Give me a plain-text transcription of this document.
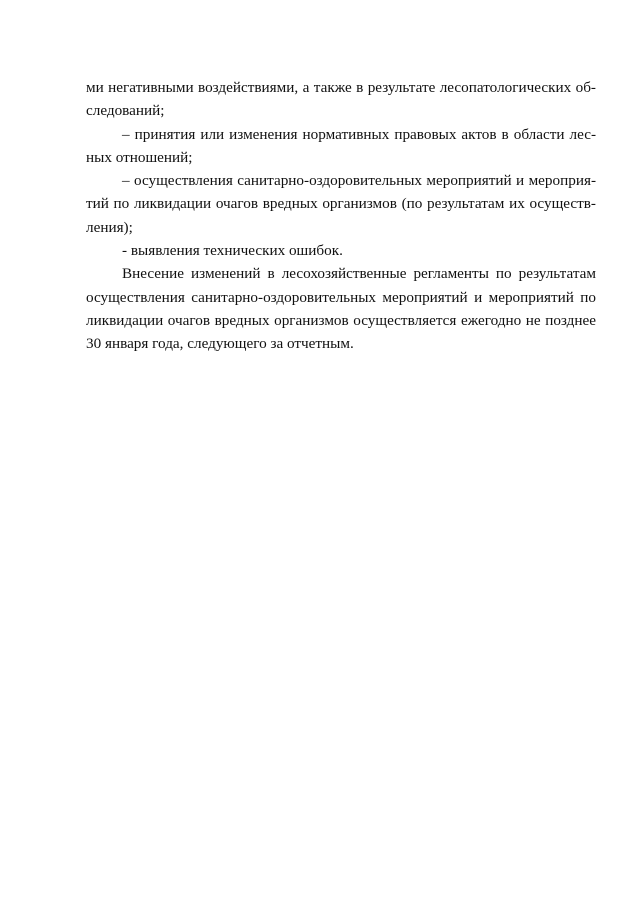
ми негативными воздействиями, а также в результате лесопатологических об-
следований;
– принятия или изменения нормативных правовых актов в области лес-
ных отношений;
– осуществления санитарно-оздоровительных мероприятий и мероприя-
тий по ликвидации очагов вредных организмов (по результатам их осуществ-
ления);
- выявления технических ошибок.
Внесение изменений в лесохозяйственные регламенты по результатам
осуществления санитарно-оздоровительных мероприятий и мероприятий по
ликвидации очагов вредных организмов осуществляется ежегодно не позднее
30 января года, следующего за отчетным.
